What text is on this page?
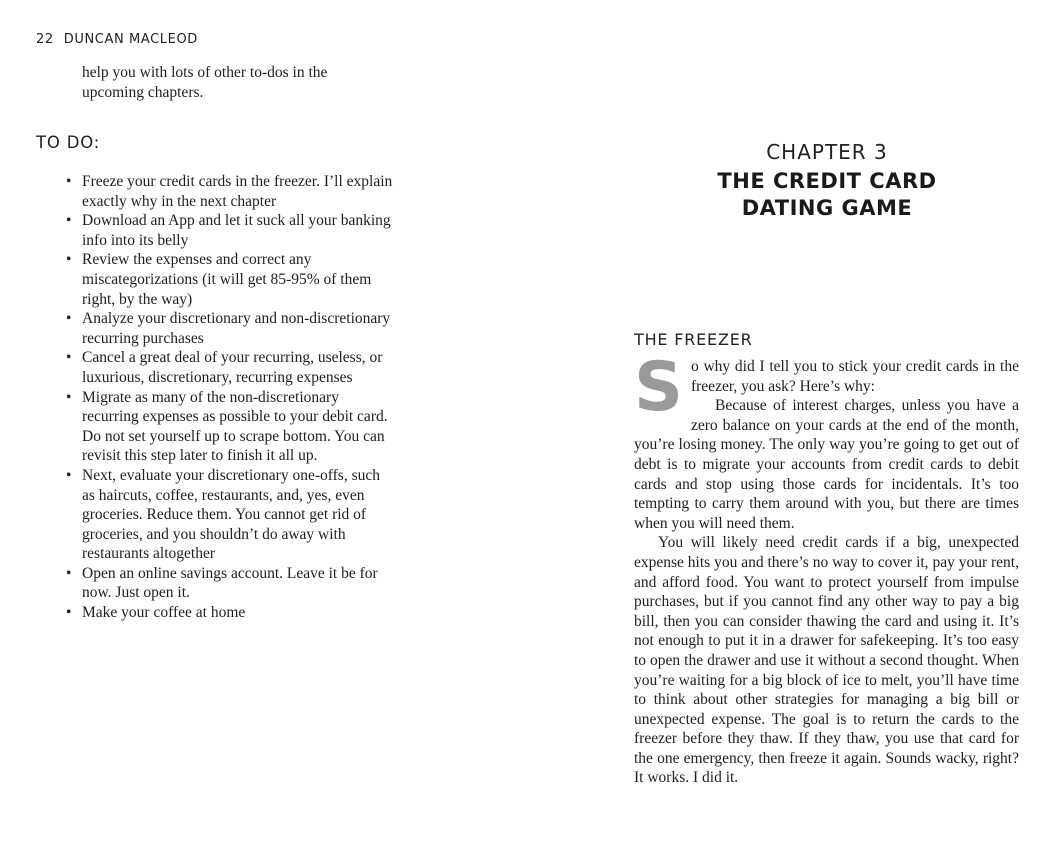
22 DUNCAN MACLEOD
help you with lots of other to-dos in the upcoming chapters.
TO DO:
• Freeze your credit cards in the freezer. I’ll explain exactly why in the next chapter
• Download an App and let it suck all your banking info into its belly
• Review the expenses and correct any miscategorizations (it will get 85-95% of them right, by the way)
• Analyze your discretionary and non-discretionary recurring purchases
• Cancel a great deal of your recurring, useless, or luxurious, discretionary, recurring expenses
• Migrate as many of the non-discretionary recurring expenses as possible to your debit card. Do not set yourself up to scrape bottom. You can revisit this step later to finish it all up.
• Next, evaluate your discretionary one-offs, such as haircuts, coffee, restaurants, and, yes, even groceries. Reduce them. You cannot get rid of groceries, and you shouldn’t do away with restaurants altogether
• Open an online savings account. Leave it be for now. Just open it.
• Make your coffee at home
CHAPTER 3
THE CREDIT CARD
DATING GAME
THE FREEZER
S o why did I tell you to stick your credit cards in the freezer, you ask? Here’s why:

Because of interest charges, unless you have a zero balance on your cards at the end of the month, you’re losing money. The only way you’re going to get out of debt is to migrate your accounts from credit cards to debit cards and stop using those cards for incidentals. It’s too tempting to carry them around with you, but there are times when you will need them.

You will likely need credit cards if a big, unexpected expense hits you and there’s no way to cover it, pay your rent, and afford food. You want to protect yourself from impulse purchases, but if you cannot find any other way to pay a big bill, then you can consider thawing the card and using it. It’s not enough to put it in a drawer for safekeeping. It’s too easy to open the drawer and use it without a second thought. When you’re waiting for a big block of ice to melt, you’ll have time to think about other strategies for managing a big bill or unexpected expense. The goal is to return the cards to the freezer before they thaw. If they thaw, you use that card for the one emergency, then freeze it again. Sounds wacky, right? It works. I did it.
